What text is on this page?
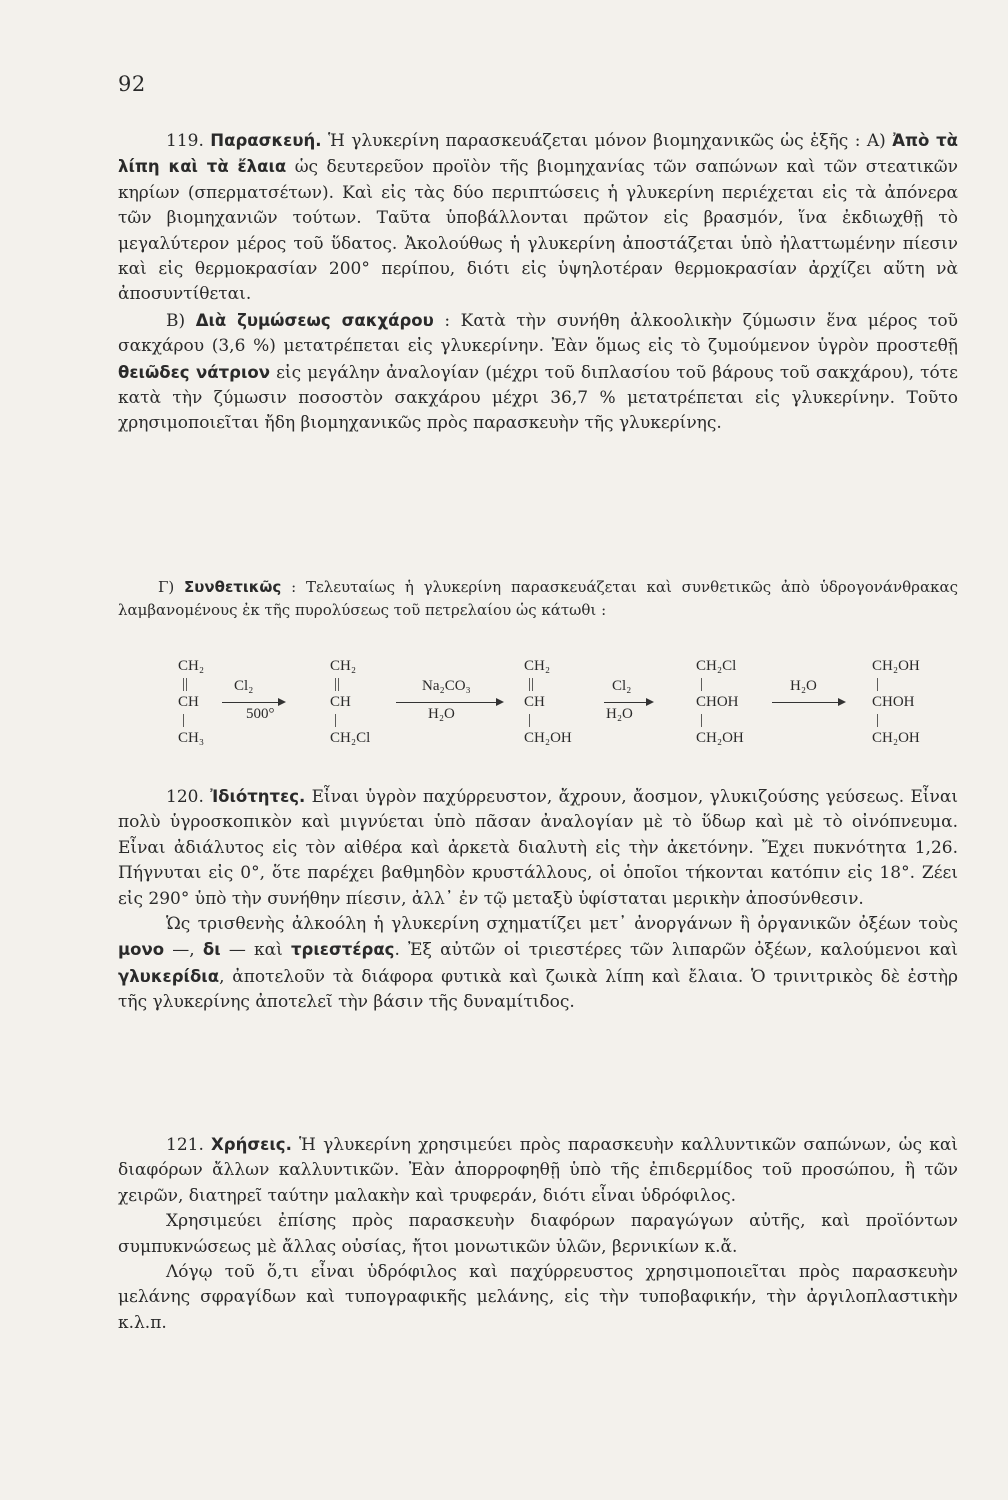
92

119. Παρασκευή. Ἡ γλυκερίνη παρασκευάζεται μόνον βιομηχανικῶς ὡς ἑξῆς : Α) Ἀπὸ τὰ λίπη καὶ τὰ ἔλαια ὡς δευτερεῦον προϊὸν τῆς βιομηχανίας τῶν σαπώνων καὶ τῶν στεατικῶν κηρίων (σπερματσέτων). Καὶ εἰς τὰς δύο περιπτώσεις ἡ γλυκερίνη περιέχεται εἰς τὰ ἀπόνερα τῶν βιομηχανιῶν τούτων. Ταῦτα ὑποβάλλονται πρῶτον εἰς βρασμόν, ἵνα ἐκδιωχθῇ τὸ μεγαλύτερον μέρος τοῦ ὕδατος. Ἀκολούθως ἡ γλυκερίνη ἀποστάζεται ὑπὸ ἠλαττωμένην πίεσιν καὶ εἰς θερμοκρασίαν 200° περίπου, διότι εἰς ὑψηλοτέραν θερμοκρασίαν ἀρχίζει αὕτη νὰ ἀποσυντίθεται.

Β) Διὰ ζυμώσεως σακχάρου : Κατὰ τὴν συνήθη ἀλκοολικὴν ζύμωσιν ἕνα μέρος τοῦ σακχάρου (3,6 %) μετατρέπεται εἰς γλυκερίνην. Ἐὰν ὅμως εἰς τὸ ζυμούμενον ὑγρὸν προστεθῇ θειῶδες νάτριον εἰς μεγάλην ἀναλογίαν (μέχρι τοῦ διπλασίου τοῦ βάρους τοῦ σακχάρου), τότε κατὰ τὴν ζύμωσιν ποσοστὸν σακχάρου μέχρι 36,7 % μετατρέπεται εἰς γλυκερίνην. Τοῦτο χρησιμοποιεῖται ἤδη βιομηχανικῶς πρὸς παρασκευὴν τῆς γλυκερίνης.

Γ) Συνθετικῶς : Τελευταίως ἡ γλυκερίνη παρασκευάζεται καὶ συνθετικῶς ἀπὸ ὑδρογονάνθρακας λαμβανομένους ἐκ τῆς πυρολύσεως τοῦ πετρελαίου ὡς κάτωθι :

CH₂
||
CH
|
CH₃
Cl₂
500°
CH₂
||
CH
|
CH₂Cl
Na₂CO₃
H₂O
CH₂
||
CH
|
CH₂OH
Cl₂
H₂O
CH₂Cl
|
CHOH
|
CH₂OH
H₂O
CH₂OH
|
CHOH
|
CH₂OH

120. Ἰδιότητες. Εἶναι ὑγρὸν παχύρρευστον, ἄχρουν, ἄοσμον, γλυκιζούσης γεύσεως. Εἶναι πολὺ ὑγροσκοπικὸν καὶ μιγνύεται ὑπὸ πᾶσαν ἀναλογίαν μὲ τὸ ὕδωρ καὶ μὲ τὸ οἰνόπνευμα. Εἶναι ἀδιάλυτος εἰς τὸν αἰθέρα καὶ ἀρκετὰ διαλυτὴ εἰς τὴν ἀκετόνην. Ἔχει πυκνότητα 1,26. Πήγνυται εἰς 0°, ὅτε παρέχει βαθμηδὸν κρυστάλλους, οἱ ὁποῖοι τήκονται κατόπιν εἰς 18°. Ζέει εἰς 290° ὑπὸ τὴν συνήθην πίεσιν, ἀλλ᾽ ἐν τῷ μεταξὺ ὑφίσταται μερικὴν ἀποσύνθεσιν.

Ὡς τρισθενὴς ἀλκοόλη ἡ γλυκερίνη σχηματίζει μετ᾽ ἀνοργάνων ἢ ὀργανικῶν ὀξέων τοὺς μονο —, δι — καὶ τριεστέρας. Ἐξ αὐτῶν οἱ τριεστέρες τῶν λιπαρῶν ὀξέων, καλούμενοι καὶ γλυκερίδια, ἀποτελοῦν τὰ διάφορα φυτικὰ καὶ ζωικὰ λίπη καὶ ἔλαια. Ὁ τρινιτρικὸς δὲ ἐστὴρ τῆς γλυκερίνης ἀποτελεῖ τὴν βάσιν τῆς δυναμίτιδος.

121. Χρήσεις. Ἡ γλυκερίνη χρησιμεύει πρὸς παρασκευὴν καλλυντικῶν σαπώνων, ὡς καὶ διαφόρων ἄλλων καλλυντικῶν. Ἐὰν ἀπορροφηθῇ ὑπὸ τῆς ἐπιδερμίδος τοῦ προσώπου, ἢ τῶν χειρῶν, διατηρεῖ ταύτην μαλακὴν καὶ τρυφεράν, διότι εἶναι ὑδρόφιλος.

Χρησιμεύει ἐπίσης πρὸς παρασκευὴν διαφόρων παραγώγων αὐτῆς, καὶ προϊόντων συμπυκνώσεως μὲ ἄλλας οὐσίας, ἤτοι μονωτικῶν ὑλῶν, βερνικίων κ.ἄ.

Λόγῳ τοῦ ὅ,τι εἶναι ὑδρόφιλος καὶ παχύρρευστος χρησιμοποιεῖται πρὸς παρασκευὴν μελάνης σφραγίδων καὶ τυπογραφικῆς μελάνης, εἰς τὴν τυποβαφικήν, τὴν ἀργιλοπλαστικὴν κ.λ.π.
